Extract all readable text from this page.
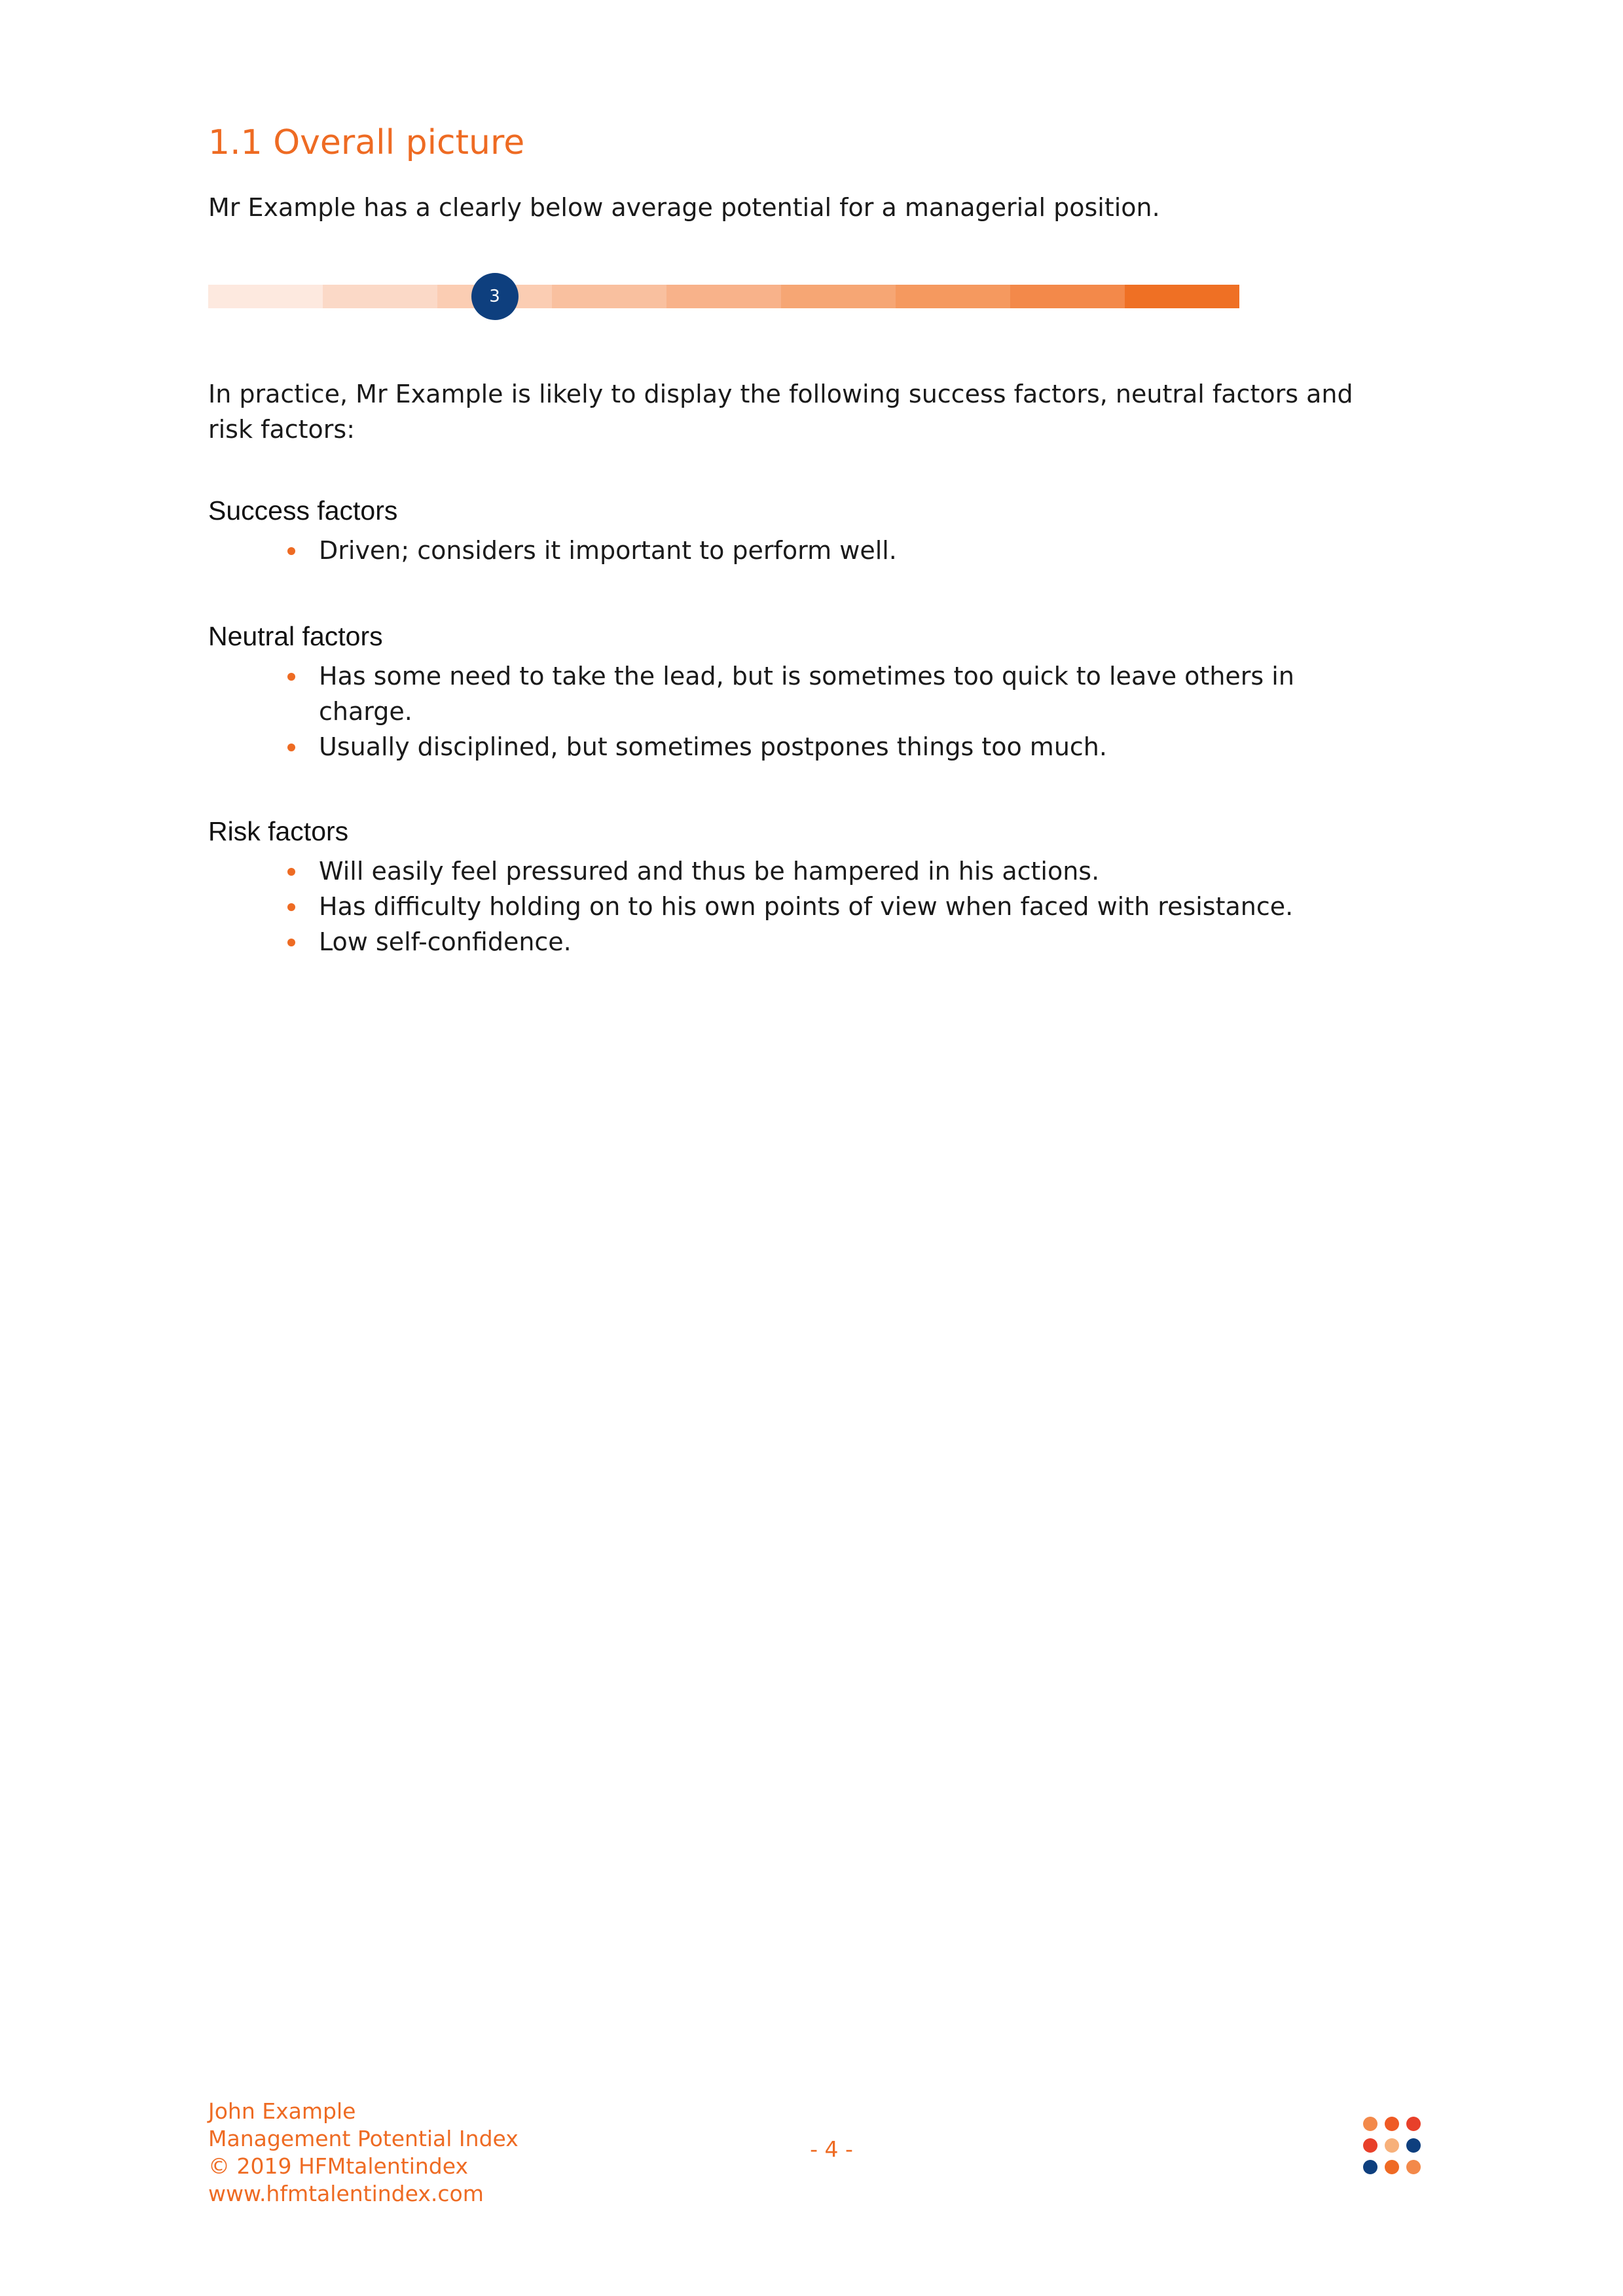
1.1 Overall picture

Mr Example has a clearly below average potential for a managerial position.

3

In practice, Mr Example is likely to display the following success factors, neutral factors and risk factors:

Success factors
Driven; considers it important to perform well.
Neutral factors
Has some need to take the lead, but is sometimes too quick to leave others in charge.
Usually disciplined, but sometimes postpones things too much.
Risk factors
Will easily feel pressured and thus be hampered in his actions.
Has difficulty holding on to his own points of view when faced with resistance.
Low self-confidence.
John Example
Management Potential Index
© 2019 HFMtalentindex
www.hfmtalentindex.com
- 4 -
